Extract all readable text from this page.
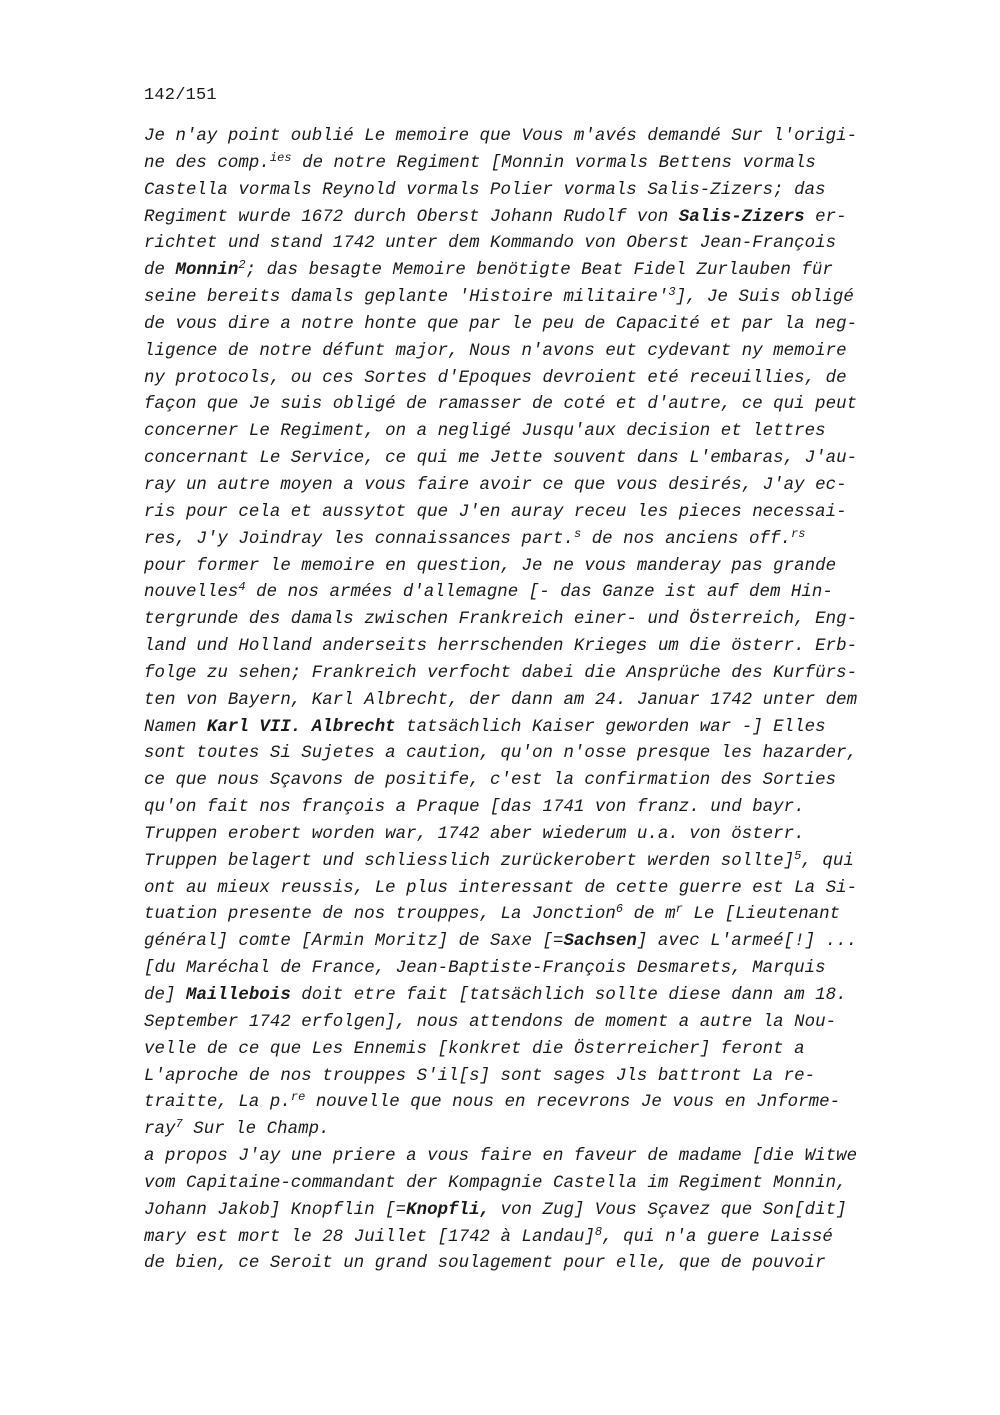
142/151
Je n'ay point oublié Le memoire que Vous m'avés demandé Sur l'origi-
ne des comp.$^{ies}$ de notre Regiment [Monnin vormals Bettens vormals
Castella vormals Reynold vormals Polier vormals Salis-Zizers; das
Regiment wurde 1672 durch Oberst Johann Rudolf von Salis-Zizers er-
richtet und stand 1742 unter dem Kommando von Oberst Jean-François
de Monnin$^2$; das besagte Memoire benötigte Beat Fidel Zurlauben für
seine bereits damals geplante 'Histoire $militaire'^3$], Je Suis obligé
de vous dire a notre honte que par le peu de Capacité et par la neg-
ligence de notre défunt major, Nous n'avons eut cydevant ny memoire
ny protocols, ou ces Sortes d'Epoques devroient eté receuillies, de
façon que Je suis obligé de ramasser de coté et d'autre, ce qui peut
concerner Le Regiment, on a negligé Jusqu'aux decision et lettres
concernant Le Service, ce qui me Jette souvent dans L'embaras, J'au-
ray un autre moyen a vous faire avoir ce que vous desirés, J'ay ec-
ris pour cela et aussytot que J'en auray receu les pieces necessai-
res, J'y Joindray les connaissances part.$^s$ de nos anciens off.$^{rs}$
pour former le memoire en question, Je ne vous manderay pas grande
nouvelles$^4$ de nos armées d'allemagne [- das Ganze ist auf dem Hin-
tergrunde des damals zwischen Frankreich einer- und Österreich, Eng-
land und Holland anderseits herrschenden Krieges um die österr. Erb-
folge zu sehen; Frankreich verfocht dabei die Ansprüche des Kurfürs-
ten von Bayern, Karl Albrecht, der dann am 24. Januar 1742 unter dem
Namen Karl VII. Albrecht tatsächlich Kaiser geworden war -] Elles
sont toutes Si Sujetes a caution, qu'on n'osse presque les hazarder,
ce que nous Sçavons de positife, c'est la confirmation des Sorties
qu'on fait nos françois a Praque [das 1741 von franz. und bayr.
Truppen erobert worden war, 1742 aber wiederum u.a. von österr.
Truppen belagert und schliesslich zurückerobert werden sollte]$^5$, qui
ont au mieux reussis, Le plus interessant de cette guerre est La Si-
tuation presente de nos trouppes, La Jonction$^6$ de $m^r$ Le [Lieutenant
général] comte [Armin Moritz] de Saxe [=Sachsen] avec L'armeé[!] ...
[du Maréchal de France, Jean-Baptiste-François Desmarets, Marquis
de] Maillebois doit etre fait [tatsächlich sollte diese dann am 18.
September 1742 erfolgen], nous attendons de moment a autre la Nou-
velle de ce que Les Ennemis [konkret die Österreicher] feront a
L'aproche de nos trouppes S'il[s] sont sages Jls battront La re-
traitte, La p.$^{re}$ nouvelle que nous en recevrons Je vous en Jnforme-
ray$^7$ Sur le Champ.
a propos J'ay une priere a vous faire en faveur de madame [die Witwe
vom Capitaine-commandant der Kompagnie Castella im Regiment Monnin,
Johann Jakob] Knopflin [=Knopfli, von Zug] Vous Sçavez que Son[dit]
mary est mort le 28 Juillet [1742 à Landau]$^8$, qui n'a guere Laissé
de bien, ce Seroit un grand soulagement pour elle, que de pouvoir
